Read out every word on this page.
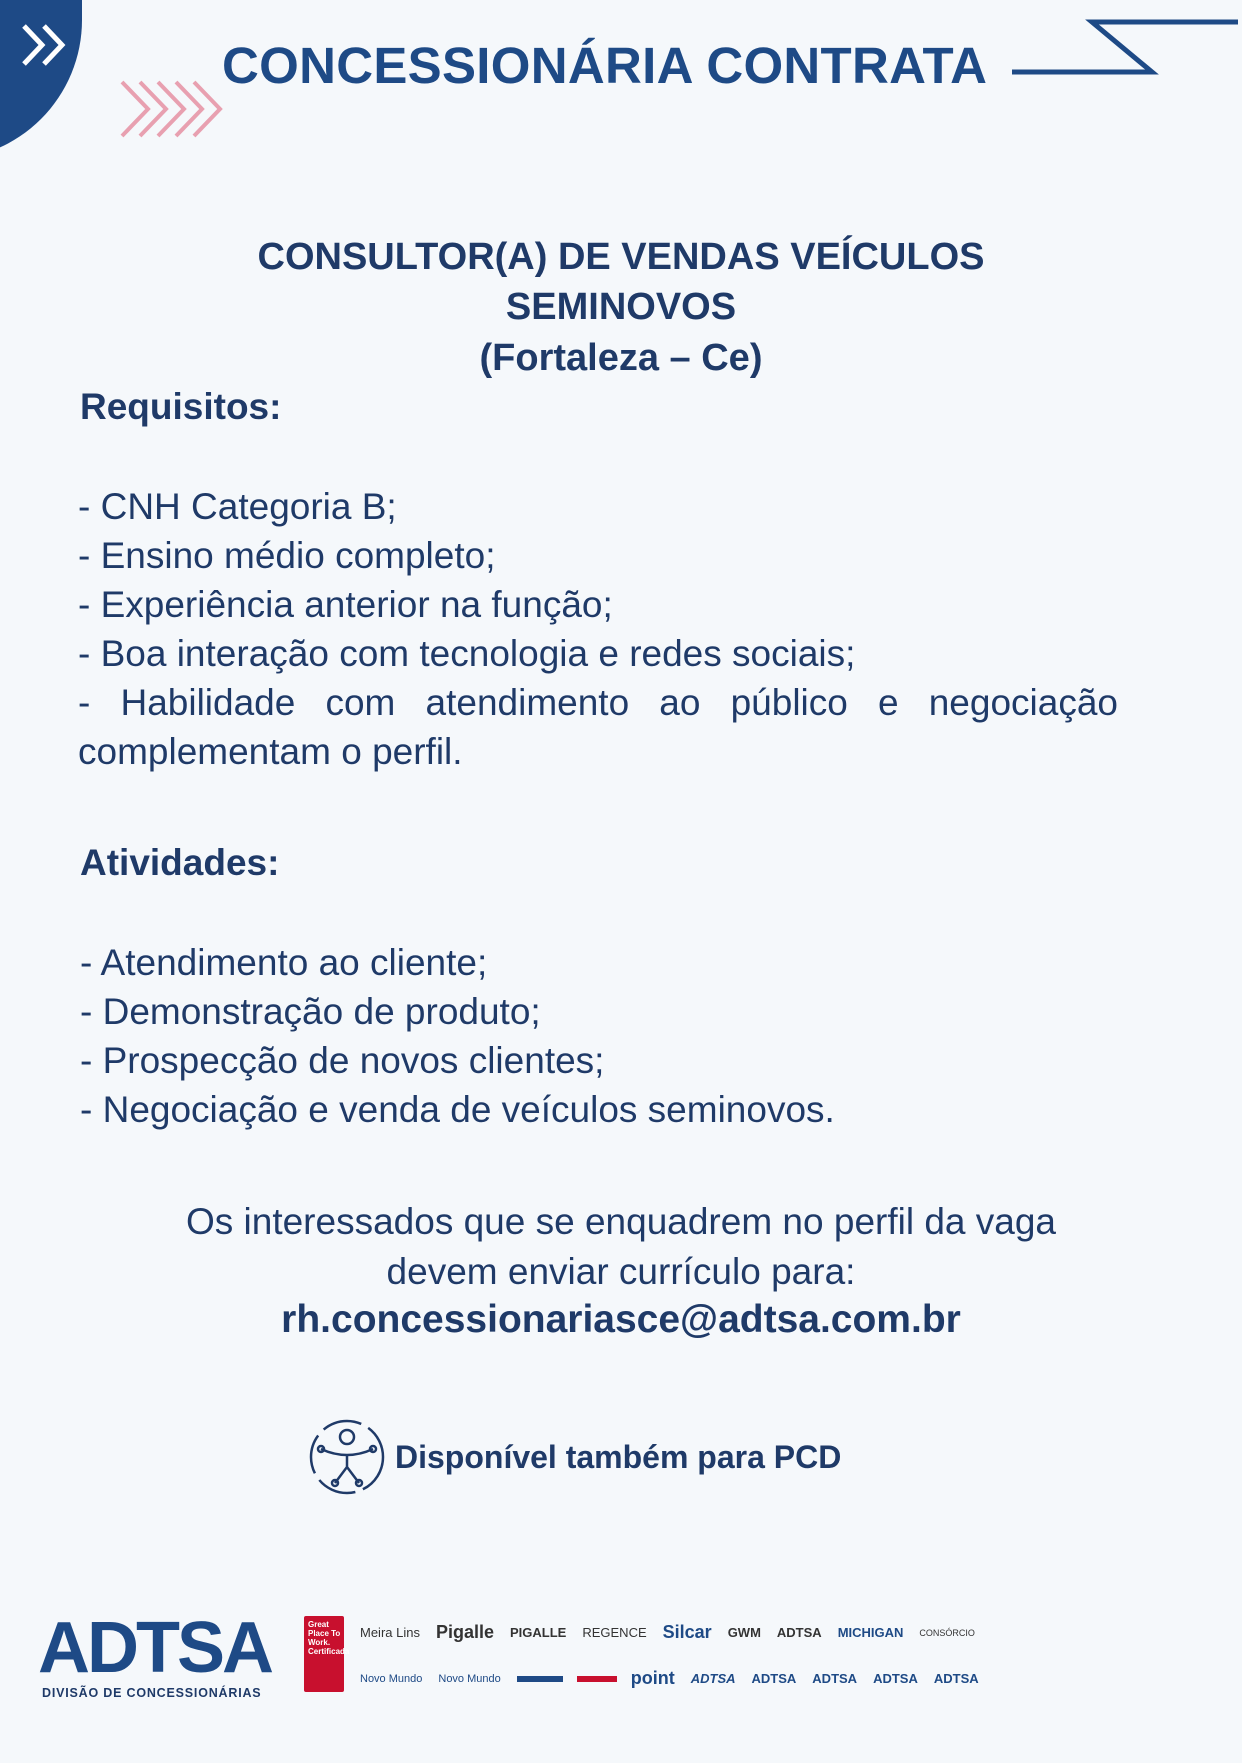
CONCESSIONÁRIA CONTRATA
CONSULTOR(A) DE VENDAS VEÍCULOS
SEMINOVOS
(Fortaleza – Ce)
Requisitos:
- CNH Categoria B;
- Ensino médio completo;
- Experiência anterior na função;
- Boa interação com tecnologia e redes sociais;
- Habilidade com atendimento ao público e negociação
complementam o perfil.
Atividades:
- Atendimento ao cliente;
- Demonstração de produto;
- Prospecção de novos clientes;
- Negociação e venda de veículos seminovos.
Os interessados que se enquadrem no perfil da vaga
devem enviar currículo para:
rh.concessionariasce@adtsa.com.br
Disponível também para PCD
ADTSA
DIVISÃO DE CONCESSIONÁRIAS
Great Place To Work. Certificada
Meira Lins Pigalle PIGALLE REGENCE Silcar GWM ADTSA MICHIGAN CONSÓRCIO
Novo Mundo Novo Mundo	point ADTSA ADTSA ADTSA ADTSA ADTSA
